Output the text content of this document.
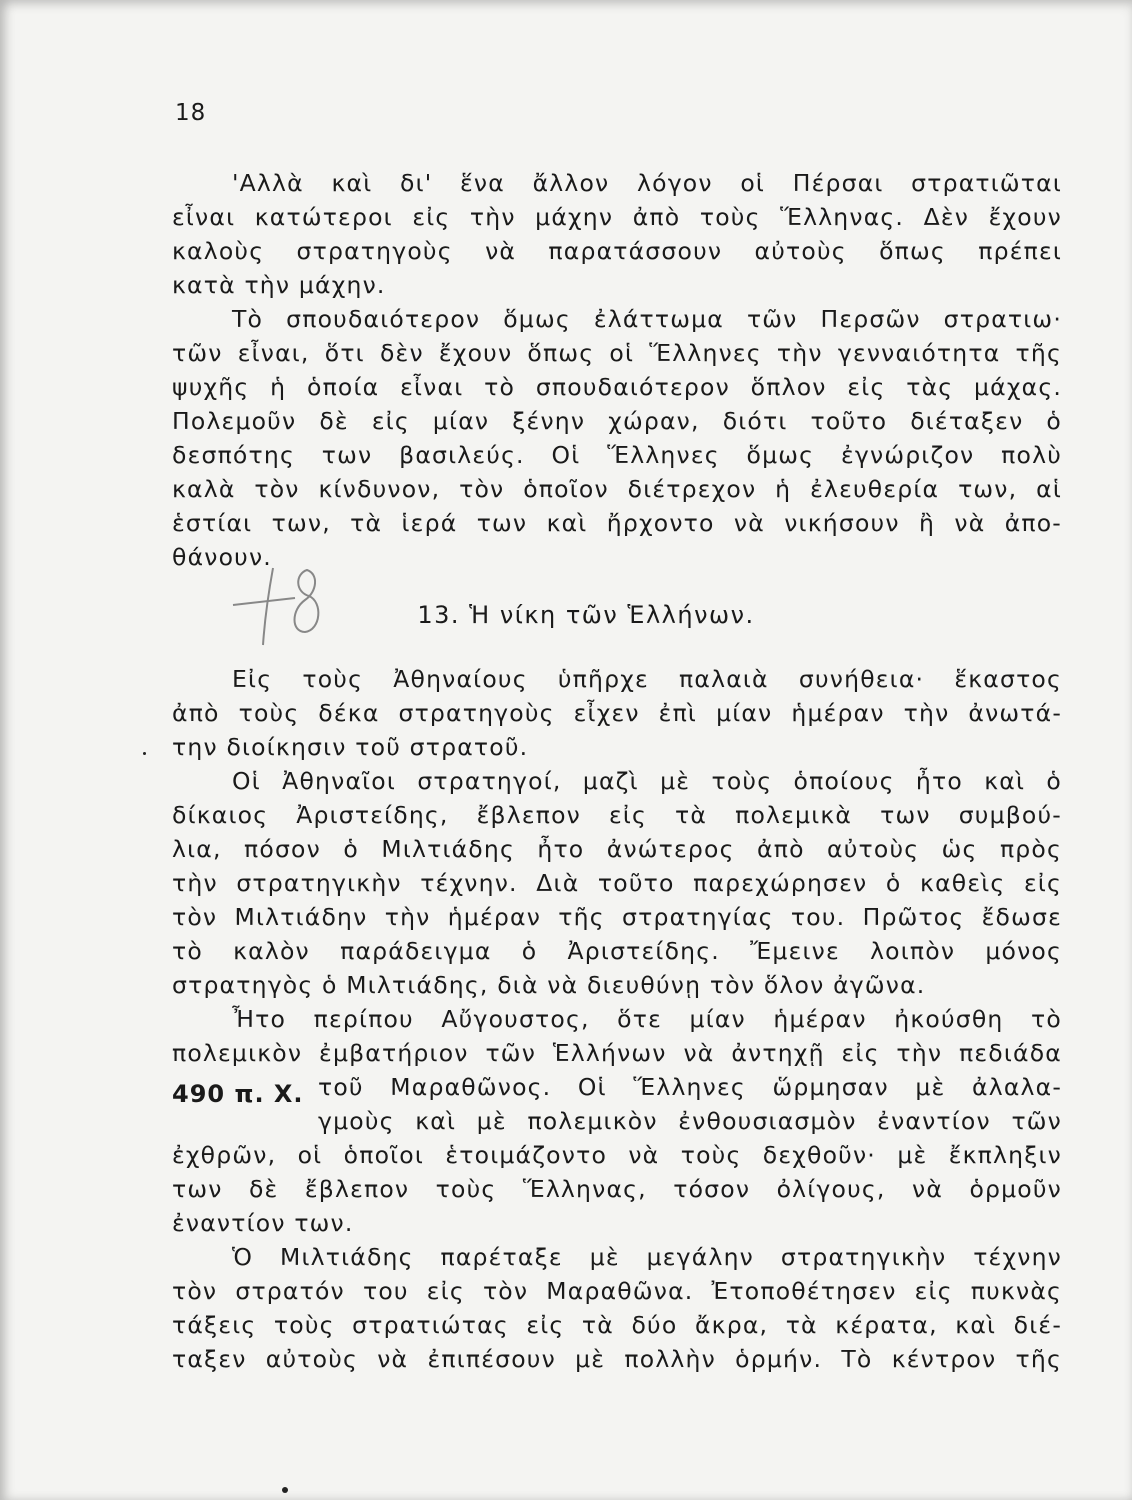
18
'Αλλὰ καὶ δι' ἕνα ἄλλον λόγον οἱ Πέρσαι στρατιῶται
εἶναι κατώτεροι εἰς τὴν μάχην ἀπὸ τοὺς Ἕλληνας. Δὲν ἔχουν
καλοὺς στρατηγοὺς νὰ παρατάσσουν αὐτοὺς ὅπως πρέπει
κατὰ τὴν μάχην.
Τὸ σπουδαιότερον ὅμως ἐλάττωμα τῶν Περσῶν στρατιω·
τῶν εἶναι, ὅτι δὲν ἔχουν ὅπως οἱ Ἕλληνες τὴν γενναιότητα τῆς
ψυχῆς ἡ ὁποία εἶναι τὸ σπουδαιότερον ὅπλον εἰς τὰς μάχας.
Πολεμοῦν δὲ εἰς μίαν ξένην χώραν, διότι τοῦτο διέταξεν ὁ
δεσπότης των βασιλεύς. Οἱ Ἕλληνες ὅμως ἐγνώριζον πολὺ
καλὰ τὸν κίνδυνον, τὸν ὁποῖον διέτρεχον ἡ ἐλευθερία των, αἱ
ἑστίαι των, τὰ ἱερά των καὶ ἤρχοντο νὰ νικήσουν ἢ νὰ ἀπο-
θάνουν.
13. Ἡ νίκη τῶν Ἑλλήνων.
Εἰς τοὺς Ἀθηναίους ὑπῆρχε παλαιὰ συνήθεια· ἕκαστος
ἀπὸ τοὺς δέκα στρατηγοὺς εἶχεν ἐπὶ μίαν ἡμέραν τὴν ἀνωτά-
την διοίκησιν τοῦ στρατοῦ.
Οἱ Ἀθηναῖοι στρατηγοί, μαζὶ μὲ τοὺς ὁποίους ἦτο καὶ ὁ
δίκαιος Ἀριστείδης, ἔβλεπον εἰς τὰ πολεμικὰ των συμβού-
λια, πόσον ὁ Μιλτιάδης ἦτο ἀνώτερος ἀπὸ αὐτοὺς ὡς πρὸς
τὴν στρατηγικὴν τέχνην. Διὰ τοῦτο παρεχώρησεν ὁ καθεὶς εἰς
τὸν Μιλτιάδην τὴν ἡμέραν τῆς στρατηγίας του. Πρῶτος ἔδωσε
τὸ καλὸν παράδειγμα ὁ Ἀριστείδης. Ἔμεινε λοιπὸν μόνος
στρατηγὸς ὁ Μιλτιάδης, διὰ νὰ διευθύνῃ τὸν ὅλον ἀγῶνα.
Ἦτο περίπου Αὔγουστος, ὅτε μίαν ἡμέραν ἠκούσθη τὸ
πολεμικὸν ἐμβατήριον τῶν Ἑλλήνων νὰ ἀντηχῇ εἰς τὴν πεδιάδα
τοῦ Μαραθῶνος. Οἱ Ἕλληνες ὥρμησαν μὲ ἀλαλα-
γμοὺς καὶ μὲ πολεμικὸν ἐνθουσιασμὸν ἐναντίον τῶν
ἐχθρῶν, οἱ ὁποῖοι ἑτοιμάζοντο νὰ τοὺς δεχθοῦν· μὲ ἔκπληξιν
των δὲ ἔβλεπον τοὺς Ἕλληνας, τόσον ὀλίγους, νὰ ὁρμοῦν
ἐναντίον των.
490 π. Χ.
Ὁ Μιλτιάδης παρέταξε μὲ μεγάλην στρατηγικὴν τέχνην
τὸν στρατόν του εἰς τὸν Μαραθῶνα. Ἐτοποθέτησεν εἰς πυκνὰς
τάξεις τοὺς στρατιώτας εἰς τὰ δύο ἄκρα, τὰ κέρατα, καὶ διέ-
ταξεν αὐτοὺς νὰ ἐπιπέσουν μὲ πολλὴν ὁρμήν. Τὸ κέντρον τῆς
